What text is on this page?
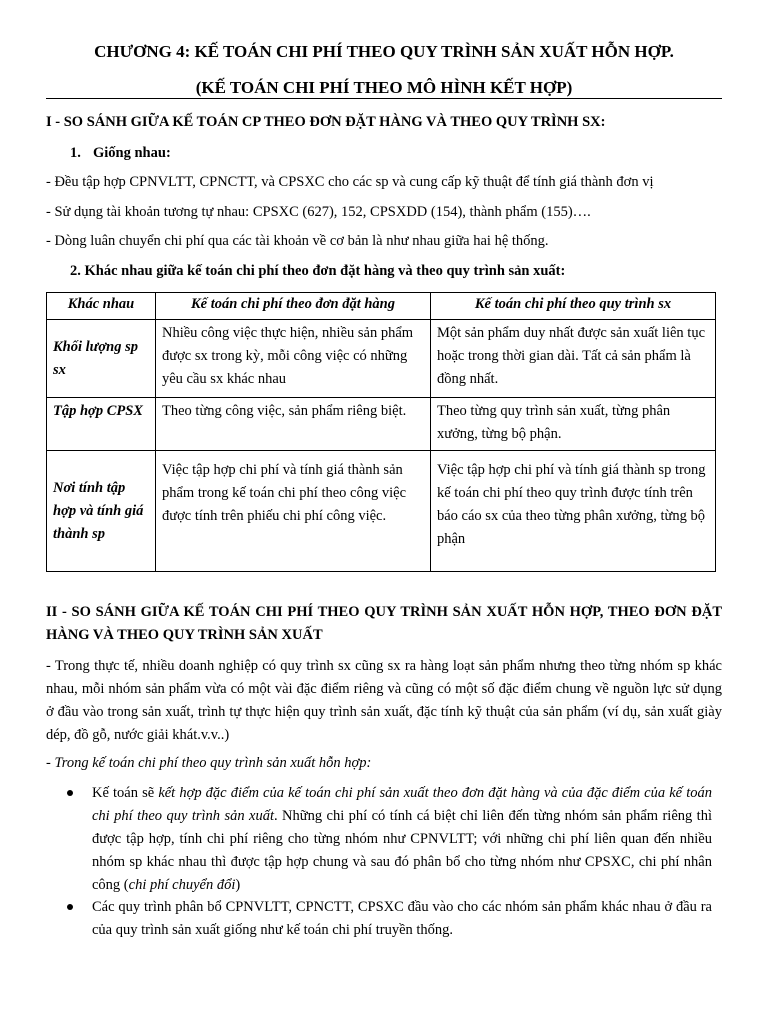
CHƯƠNG 4: KẾ TOÁN CHI PHÍ THEO QUY TRÌNH SẢN XUẤT HỖN HỢP.
(KẾ TOÁN CHI PHÍ THEO MÔ HÌNH KẾT HỢP)
I - SO SÁNH GIỮA KẾ TOÁN CP THEO ĐƠN ĐẶT HÀNG VÀ THEO QUY TRÌNH SX:
1. Giống nhau:
- Đều tập hợp CPNVLTT, CPNCTT, và CPSXC cho các sp và cung cấp kỹ thuật để tính giá thành đơn vị
- Sử dụng tài khoản tương tự nhau: CPSXC (627), 152, CPSXDD (154), thành phẩm (155)….
- Dòng luân chuyển chi phí qua các tài khoản về cơ bản là như nhau giữa hai hệ thống.
2. Khác nhau giữa kế toán chi phí theo đơn đặt hàng và theo quy trình sản xuất:
Khác nhau	Kế toán chi phí theo đơn đặt hàng	Kế toán chi phí theo quy trình sx
Khối lượng sp sx	Nhiều công việc thực hiện, nhiều sản phẩm được sx trong kỳ, mỗi công việc có những yêu cầu sx khác nhau	Một sản phẩm duy nhất được sản xuất liên tục hoặc trong thời gian dài. Tất cả sản phẩm là đồng nhất.
Tập hợp CPSX	Theo từng công việc, sản phẩm riêng biệt.	Theo từng quy trình sản xuất, từng phân xưởng, từng bộ phận.
Nơi tính tập hợp và tính giá thành sp	Việc tập hợp chi phí và tính giá thành sản phẩm trong kế toán chi phí theo công việc được tính trên phiếu chi phí công việc.	Việc tập hợp chi phí và tính giá thành sp trong kế toán chi phí theo quy trình được tính trên báo cáo sx của theo từng phân xưởng, từng bộ phận
II - SO SÁNH GIỮA KẾ TOÁN CHI PHÍ THEO QUY TRÌNH SẢN XUẤT HỖN HỢP, THEO ĐƠN ĐẶT HÀNG VÀ THEO QUY TRÌNH SẢN XUẤT
- Trong thực tế, nhiều doanh nghiệp có quy trình sx cũng sx ra hàng loạt sản phẩm nhưng theo từng nhóm sp khác nhau, mỗi nhóm sản phẩm vừa có một vài đặc điểm riêng và cũng có một số đặc điểm chung về nguồn lực sử dụng ở đầu vào trong sản xuất, trình tự thực hiện quy trình sản xuất, đặc tính kỹ thuật của sản phẩm (ví dụ, sản xuất giày dép, đồ gỗ, nước giải khát.v.v..)
- Trong kế toán chi phí theo quy trình sản xuất hỗn hợp:
Kế toán sẽ kết hợp đặc điểm của kế toán chi phí sản xuất theo đơn đặt hàng và của đặc điểm của kế toán chi phí theo quy trình sản xuất. Những chi phí có tính cá biệt chỉ liên đến từng nhóm sản phẩm riêng thì được tập hợp, tính chi phí riêng cho từng nhóm như CPNVLTT; với những chi phí liên quan đến nhiều nhóm sp khác nhau thì được tập hợp chung và sau đó phân bổ cho từng nhóm như CPSXC, chi phí nhân công (chi phí chuyển đổi)
Các quy trình phân bổ CPNVLTT, CPNCTT, CPSXC đầu vào cho các nhóm sản phẩm khác nhau ở đầu ra của quy trình sản xuất giống như kế toán chi phí truyền thống.
